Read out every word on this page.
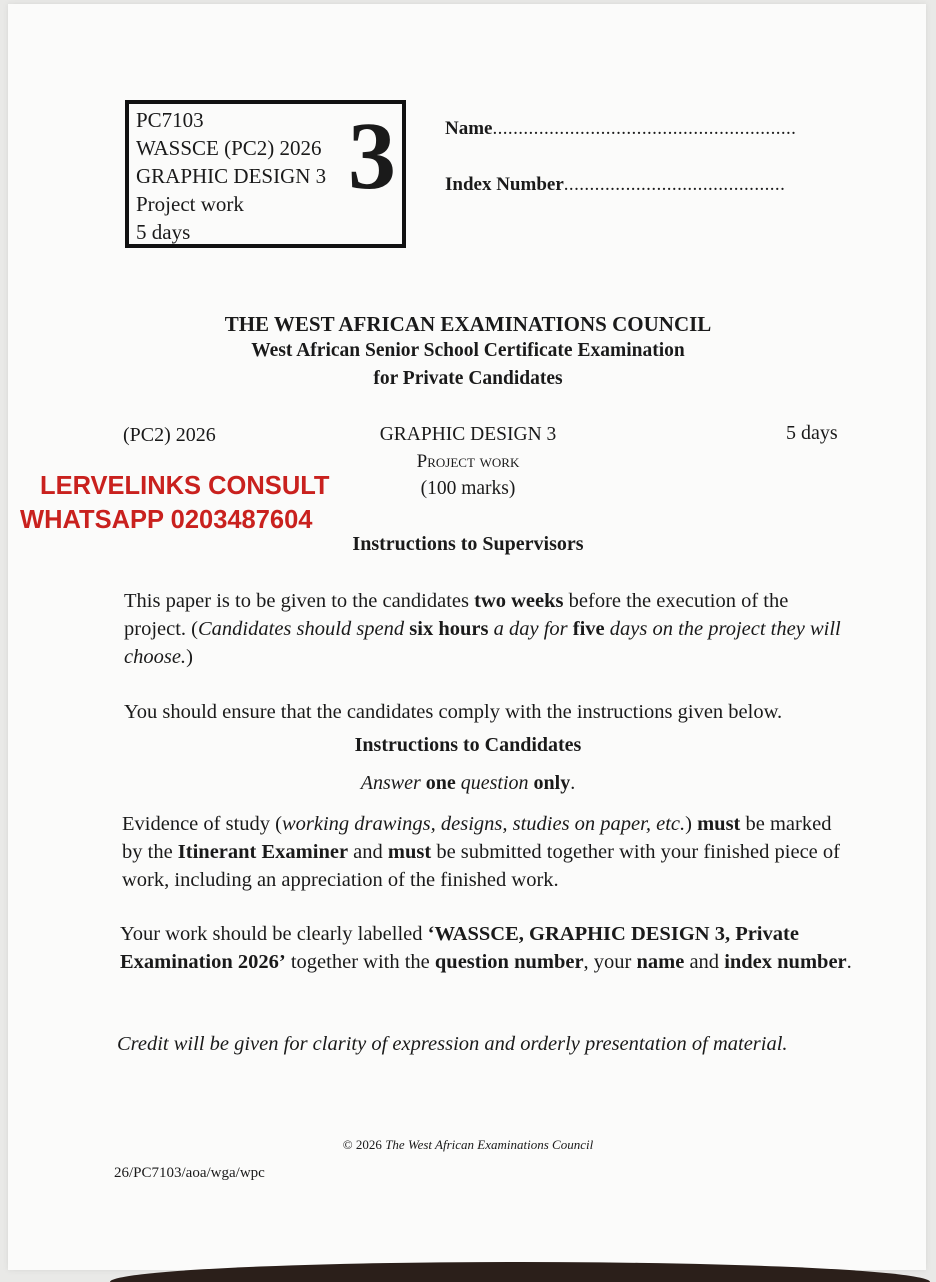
PC7103
WASSCE (PC2) 2026
GRAPHIC DESIGN 3
Project work
5 days
3	Name...........................................................
Index Number...........................................
THE WEST AFRICAN EXAMINATIONS COUNCIL
West African Senior School Certificate Examination
for Private Candidates
(PC2) 2026	5 days
GRAPHIC DESIGN 3
Project work
(100 marks)
LERVELINKS CONSULT
WHATSAPP 0203487604
Instructions to Supervisors
This paper is to be given to the candidates two weeks before the execution of the project. (Candidates should spend six hours a day for five days on the project they will choose.)
You should ensure that the candidates comply with the instructions given below.
Instructions to Candidates
Answer one question only.
Evidence of study (working drawings, designs, studies on paper, etc.) must be marked by the Itinerant Examiner and must be submitted together with your finished piece of work, including an appreciation of the finished work.
Your work should be clearly labelled ‘WASSCE, GRAPHIC DESIGN 3, Private Examination 2026’ together with the question number, your name and index number.
Credit will be given for clarity of expression and orderly presentation of material.
© 2026 The West African Examinations Council
26/PC7103/aoa/wga/wpc
